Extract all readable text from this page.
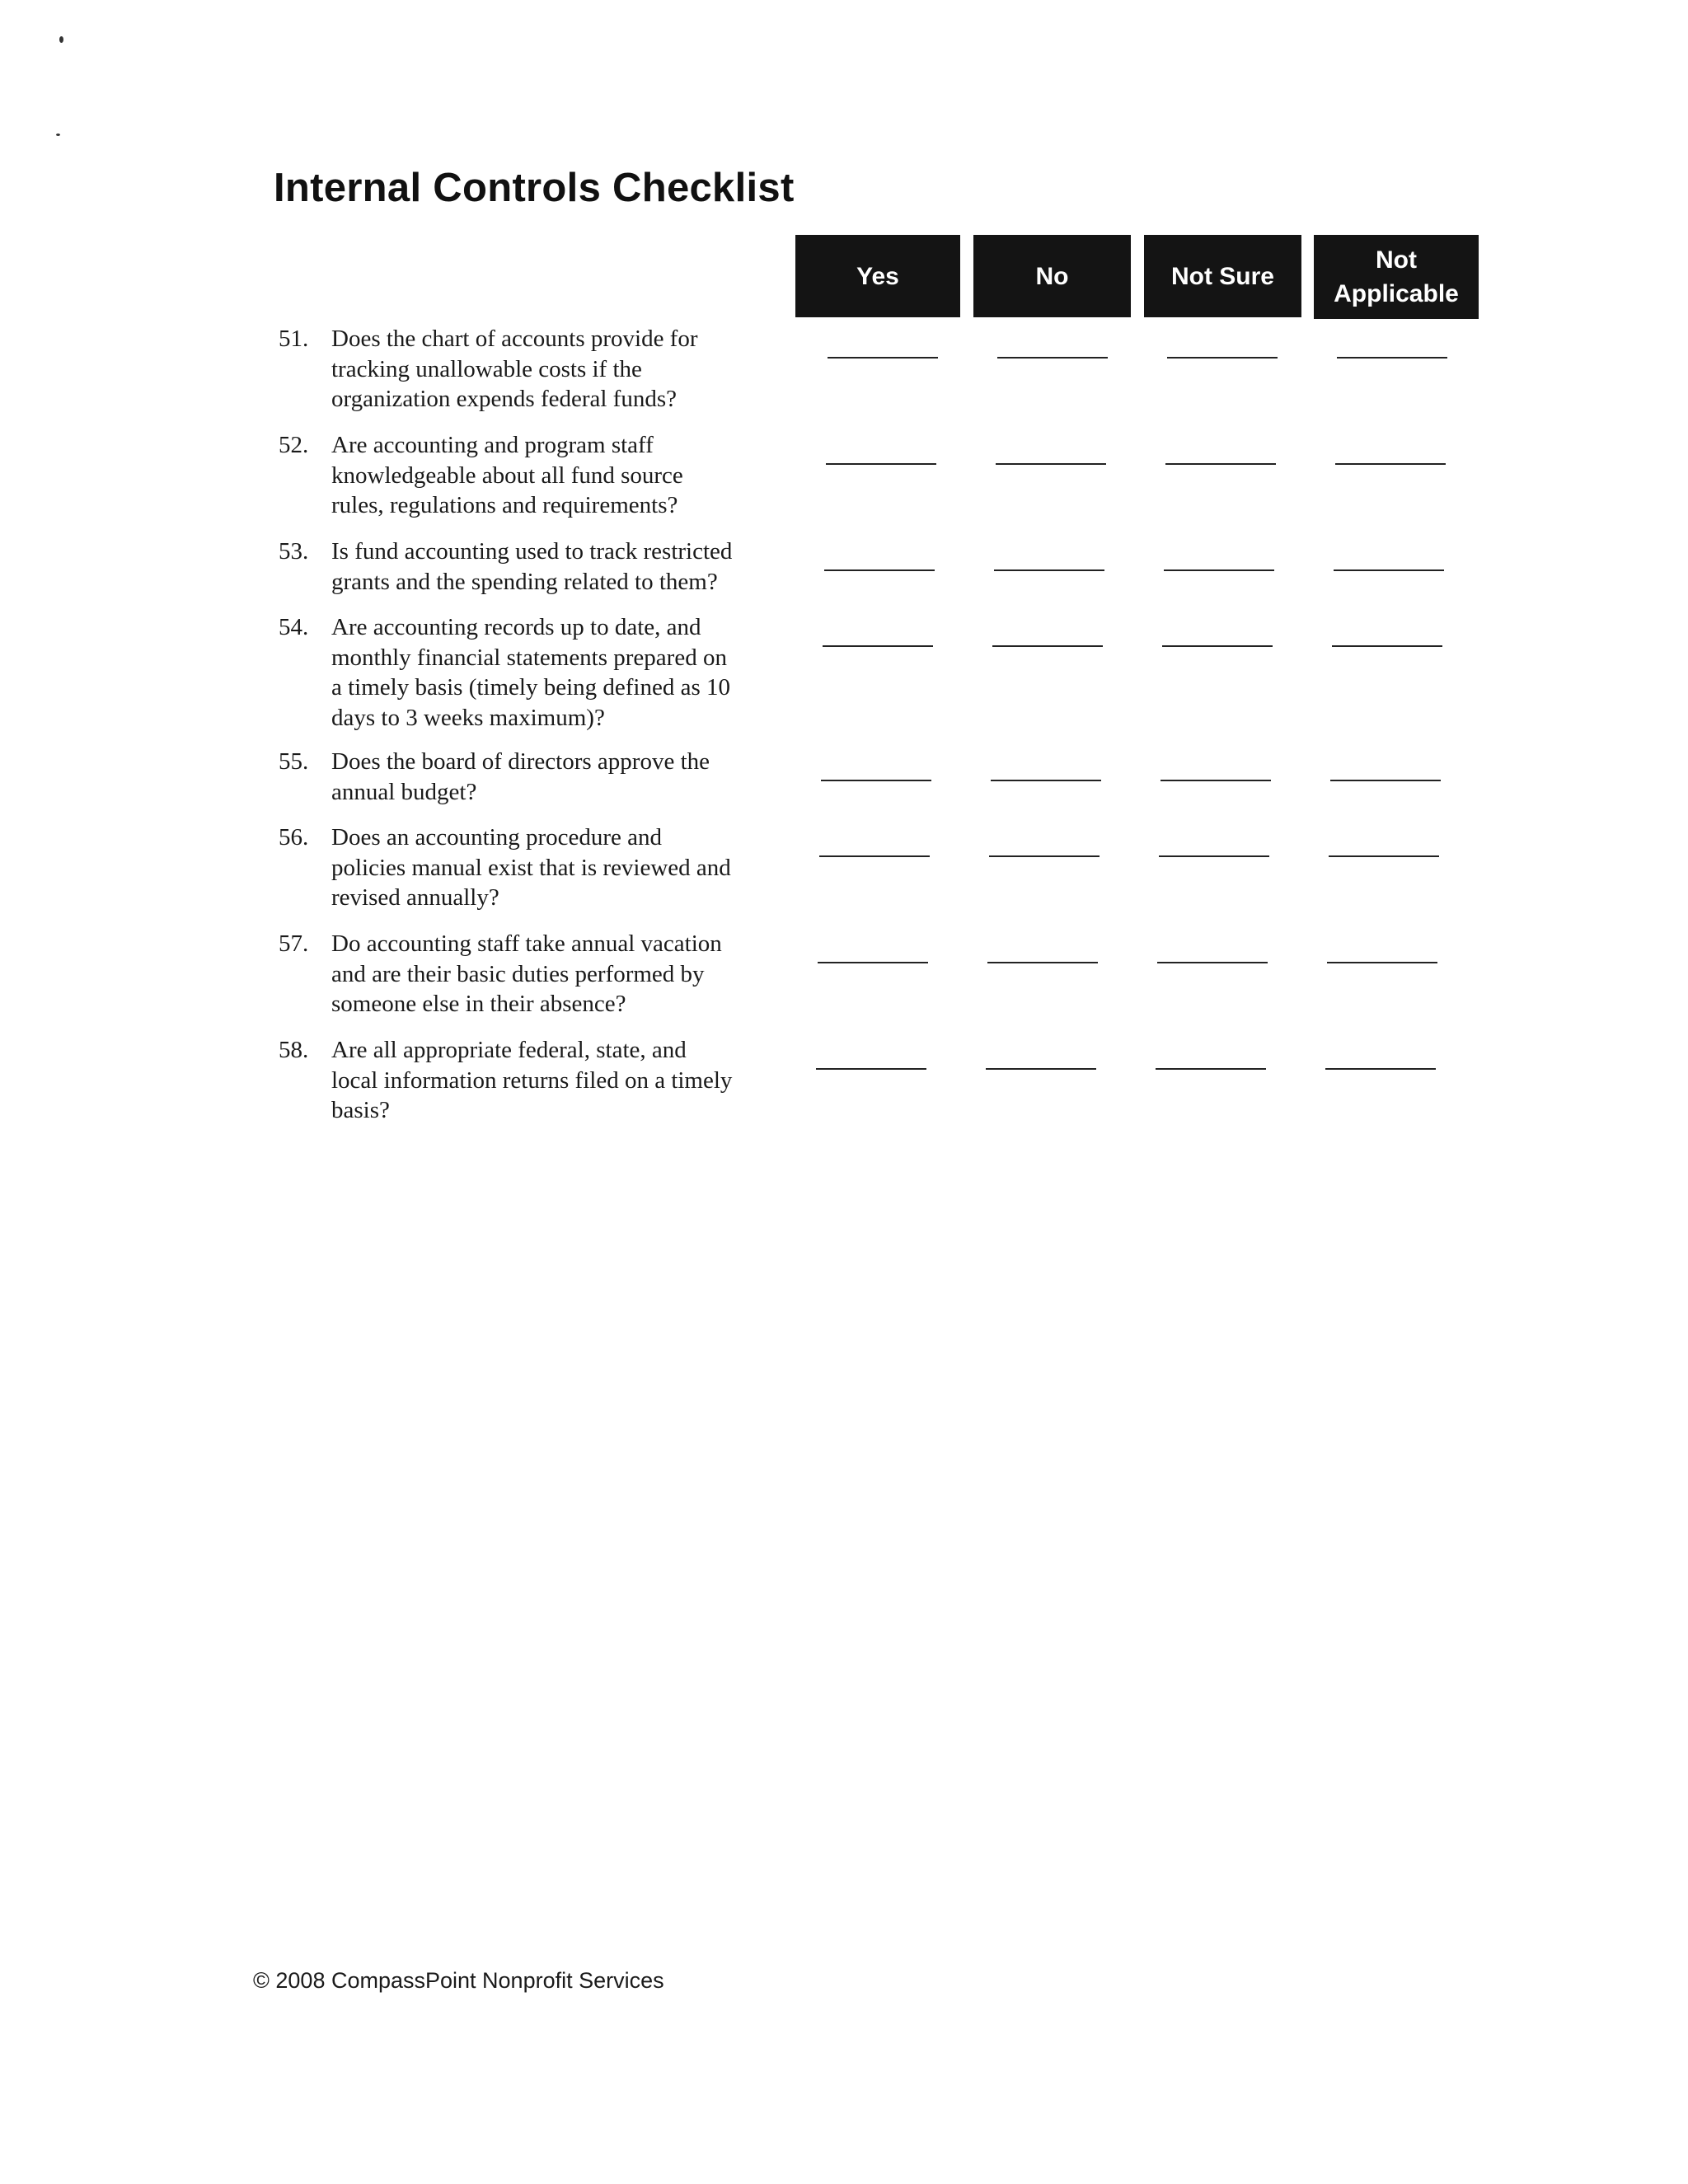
Internal Controls Checklist
Yes	No	Not Sure
Not
Applicable
51. Does the chart of accounts provide for
tracking unallowable costs if the
organization expends federal funds?
52. Are accounting and program staff
knowledgeable about all fund source
rules, regulations and requirements?
53. Is fund accounting used to track restricted
grants and the spending related to them?
54. Are accounting records up to date, and
monthly financial statements prepared on
a timely basis (timely being defined as 10
days to 3 weeks maximum)?
55. Does the board of directors approve the
annual budget?
56. Does an accounting procedure and
policies manual exist that is reviewed and
revised annually?
57. Do accounting staff take annual vacation
and are their basic duties performed by
someone else in their absence?
58. Are all appropriate federal, state, and
local information returns filed on a timely
basis?
© 2008 CompassPoint Nonprofit Services
